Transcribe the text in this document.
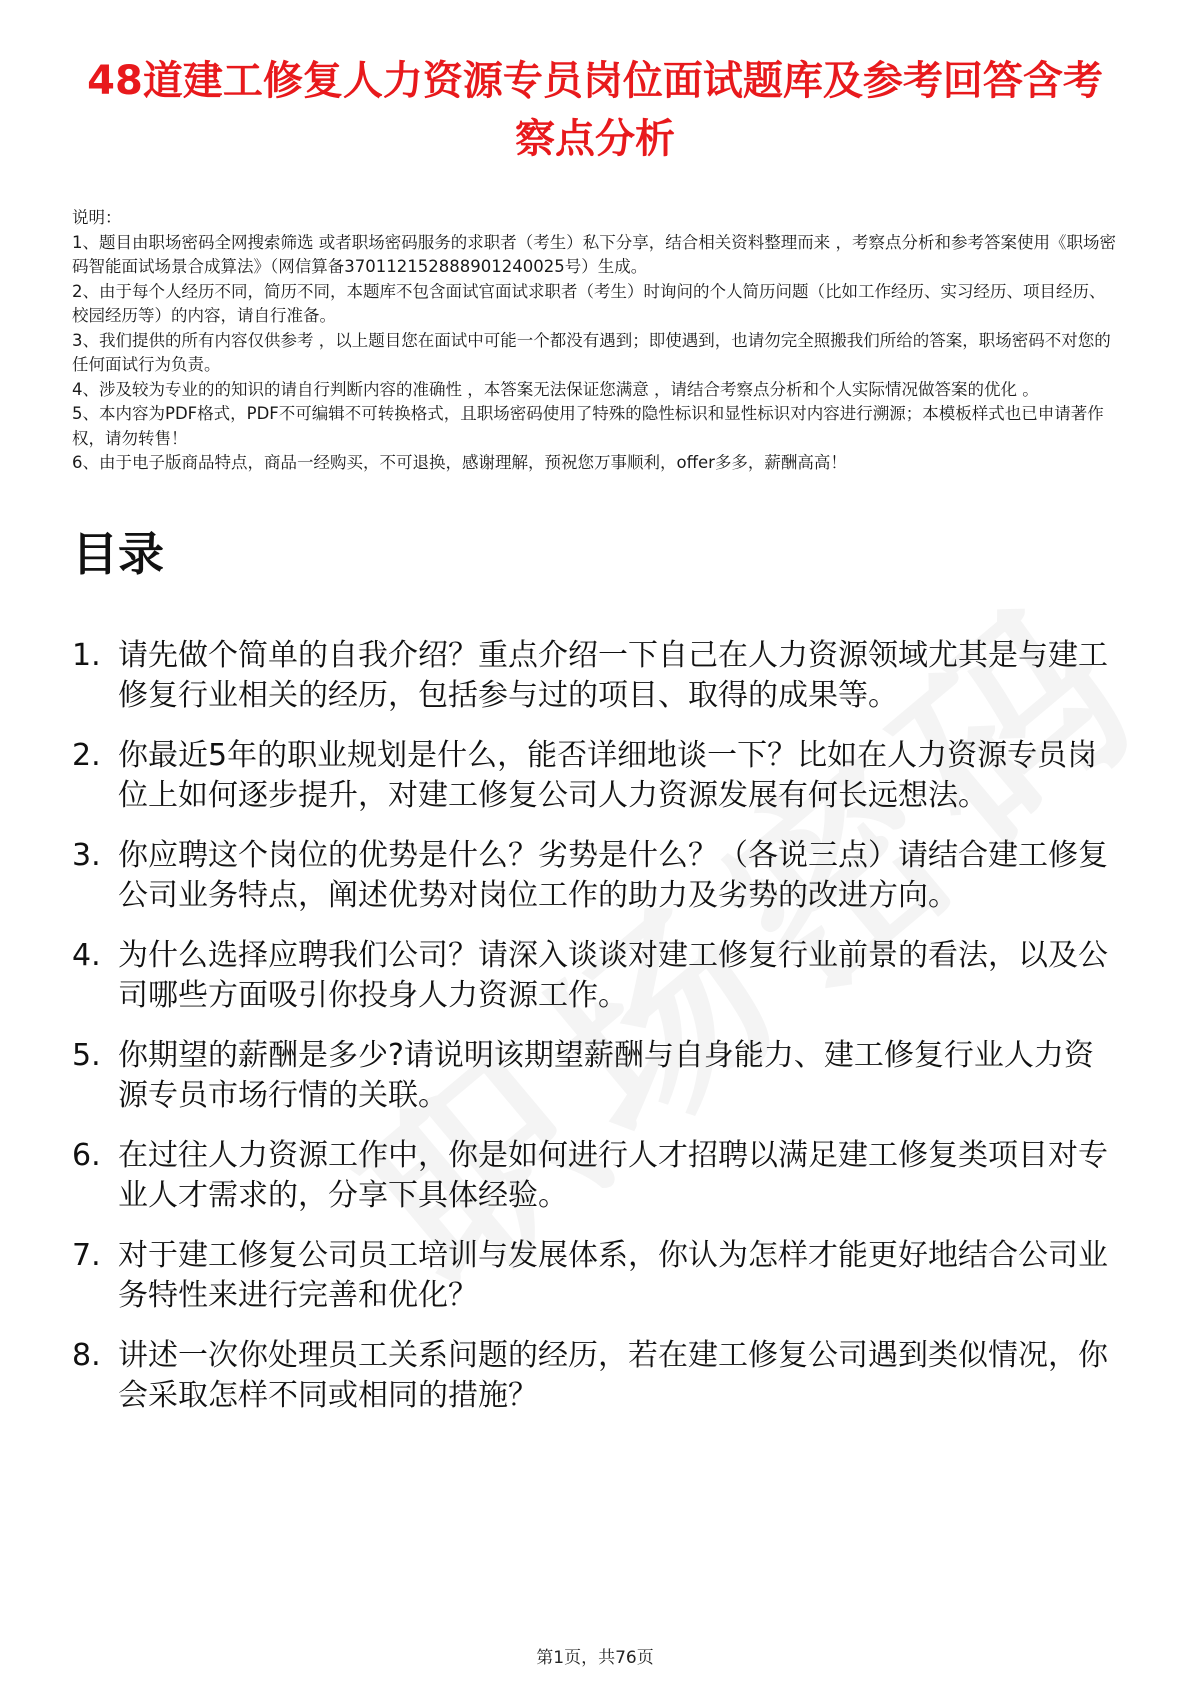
48道建工修复人力资源专员岗位面试题库及参考回答含考察点分析

说明：

1、题目由职场密码全网搜索筛选 或者职场密码服务的求职者（考生）私下分享，结合相关资料整理而来 ，考察点分析和参考答案使用《职场密码智能面试场景合成算法》（网信算备370112152888901240025号）生成。

2、由于每个人经历不同，简历不同，本题库不包含面试官面试求职者（考生）时询问的个人简历问题（比如工作经历、实习经历、项目经历、校园经历等）的内容，请自行准备。

3、我们提供的所有内容仅供参考 ，以上题目您在面试中可能一个都没有遇到；即使遇到，也请勿完全照搬我们所给的答案，职场密码不对您的任何面试行为负责。

4、涉及较为专业的的知识的请自行判断内容的准确性 ，本答案无法保证您满意 ，请结合考察点分析和个人实际情况做答案的优化 。

5、本内容为PDF格式，PDF不可编辑不可转换格式，且职场密码使用了特殊的隐性标识和显性标识对内容进行溯源；本模板样式也已申请著作权，请勿转售！

6、由于电子版商品特点，商品一经购买，不可退换，感谢理解，预祝您万事顺利，offer多多，薪酬高高！

目录
1. 请先做个简单的自我介绍？重点介绍一下自己在人力资源领域尤其是与建工修复行业相关的经历，包括参与过的项目、取得的成果等。
2. 你最近5年的职业规划是什么，能否详细地谈一下？比如在人力资源专员岗位上如何逐步提升，对建工修复公司人力资源发展有何长远想法。
3. 你应聘这个岗位的优势是什么？劣势是什么？（各说三点）请结合建工修复公司业务特点，阐述优势对岗位工作的助力及劣势的改进方向。
4. 为什么选择应聘我们公司？请深入谈谈对建工修复行业前景的看法，以及公司哪些方面吸引你投身人力资源工作。
5. 你期望的薪酬是多少?请说明该期望薪酬与自身能力、建工修复行业人力资源专员市场行情的关联。
6. 在过往人力资源工作中，你是如何进行人才招聘以满足建工修复类项目对专业人才需求的，分享下具体经验。
7. 对于建工修复公司员工培训与发展体系，你认为怎样才能更好地结合公司业务特性来进行完善和优化？
8. 讲述一次你处理员工关系问题的经历，若在建工修复公司遇到类似情况，你会采取怎样不同或相同的措施？
第1页，共76页
